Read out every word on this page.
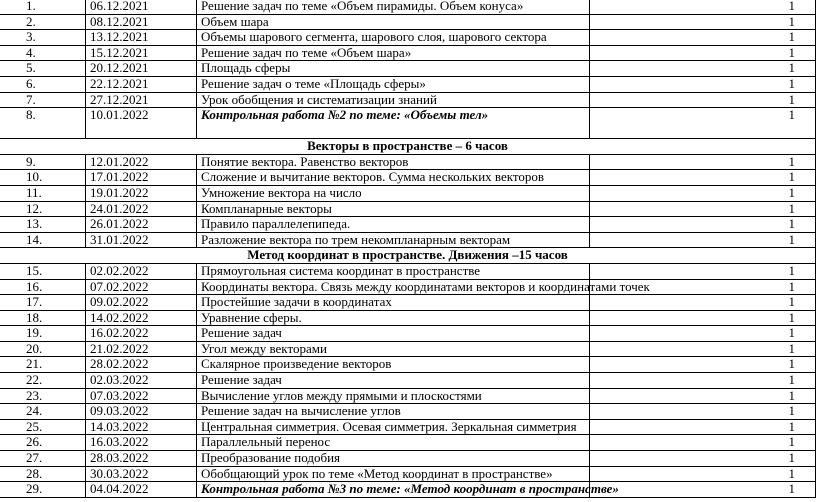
1.	06.12.2021	Решение задач по теме «Объем пирамиды. Объем конуса»	1
2.	08.12.2021	Объем шара	1
3.	13.12.2021	Объемы шарового сегмента, шарового слоя, шарового сектора	1
4.	15.12.2021	Решение задач по теме «Объем шара»	1
5.	20.12.2021	Площадь сферы	1
6.	22.12.2021	Решение задач о теме «Площадь сферы»	1
7.	27.12.2021	Урок обобщения и систематизации знаний	1
8.	10.01.2022	Контрольная работа №2 по теме: «Объемы тел»	1
Векторы в пространстве – 6 часов			
9.	12.01.2022	Понятие вектора. Равенство векторов	1
10.	17.01.2022	Сложение и вычитание векторов. Сумма нескольких векторов	1
11.	19.01.2022	Умножение вектора на число	1
12.	24.01.2022	Компланарные векторы	1
13.	26.01.2022	Правило параллелепипеда.	1
14.	31.01.2022	Разложение вектора по трем некомпланарным векторам	1
Метод координат в пространстве. Движения –15 часов			
15.	02.02.2022	Прямоугольная система координат в пространстве	1
16.	07.02.2022	Координаты вектора. Связь между координатами векторов и координатами точек	1
17.	09.02.2022	Простейшие задачи в координатах	1
18.	14.02.2022	Уравнение сферы.	1
19.	16.02.2022	Решение задач	1
20.	21.02.2022	Угол между векторами	1
21.	28.02.2022	Скалярное произведение векторов	1
22.	02.03.2022	Решение задач	1
23.	07.03.2022	Вычисление углов между прямыми и плоскостями	1
24.	09.03.2022	Решение задач на вычисление углов	1
25.	14.03.2022	Центральная симметрия. Осевая симметрия. Зеркальная симметрия	1
26.	16.03.2022	Параллельный перенос	1
27.	28.03.2022	Преобразование подобия	1
28.	30.03.2022	Обобщающий урок по теме «Метод координат в пространстве»	1
29.	04.04.2022	Контрольная работа №3 по теме: «Метод координат в пространстве»	1
